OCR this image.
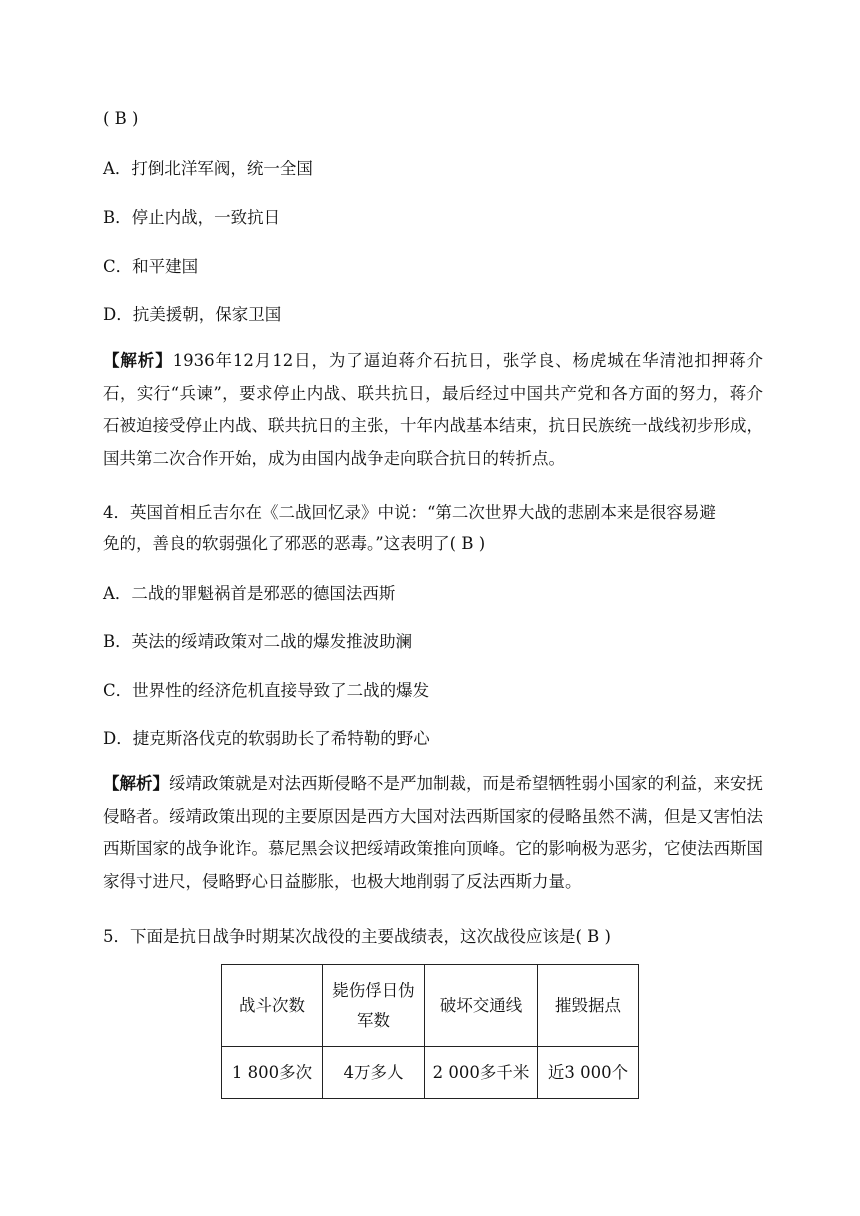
( B )
A．打倒北洋军阀，统一全国
B．停止内战，一致抗日
C．和平建国
D．抗美援朝，保家卫国
【解析】1936年12月12日，为了逼迫蒋介石抗日，张学良、杨虎城在华清池扣押蒋介石，实行“兵谏”，要求停止内战、联共抗日，最后经过中国共产党和各方面的努力，蒋介石被迫接受停止内战、联共抗日的主张，十年内战基本结束，抗日民族统一战线初步形成，国共第二次合作开始，成为由国内战争走向联合抗日的转折点。
4．英国首相丘吉尔在《二战回忆录》中说：“第二次世界大战的悲剧本来是很容易避
免的，善良的软弱强化了邪恶的恶毒。”这表明了( B )
A．二战的罪魁祸首是邪恶的德国法西斯
B．英法的绥靖政策对二战的爆发推波助澜
C．世界性的经济危机直接导致了二战的爆发
D．捷克斯洛伐克的软弱助长了希特勒的野心
【解析】绥靖政策就是对法西斯侵略不是严加制裁，而是希望牺牲弱小国家的利益，来安抚侵略者。绥靖政策出现的主要原因是西方大国对法西斯国家的侵略虽然不满，但是又害怕法西斯国家的战争讹诈。慕尼黑会议把绥靖政策推向顶峰。它的影响极为恶劣，它使法西斯国家得寸进尺，侵略野心日益膨胀，也极大地削弱了反法西斯力量。
5．下面是抗日战争时期某次战役的主要战绩表，这次战役应该是( B )
战斗次数	毙伤俘日伪军数	破坏交通线	摧毁据点
1 800多次	4万多人	2 000多千米	近3 000个
